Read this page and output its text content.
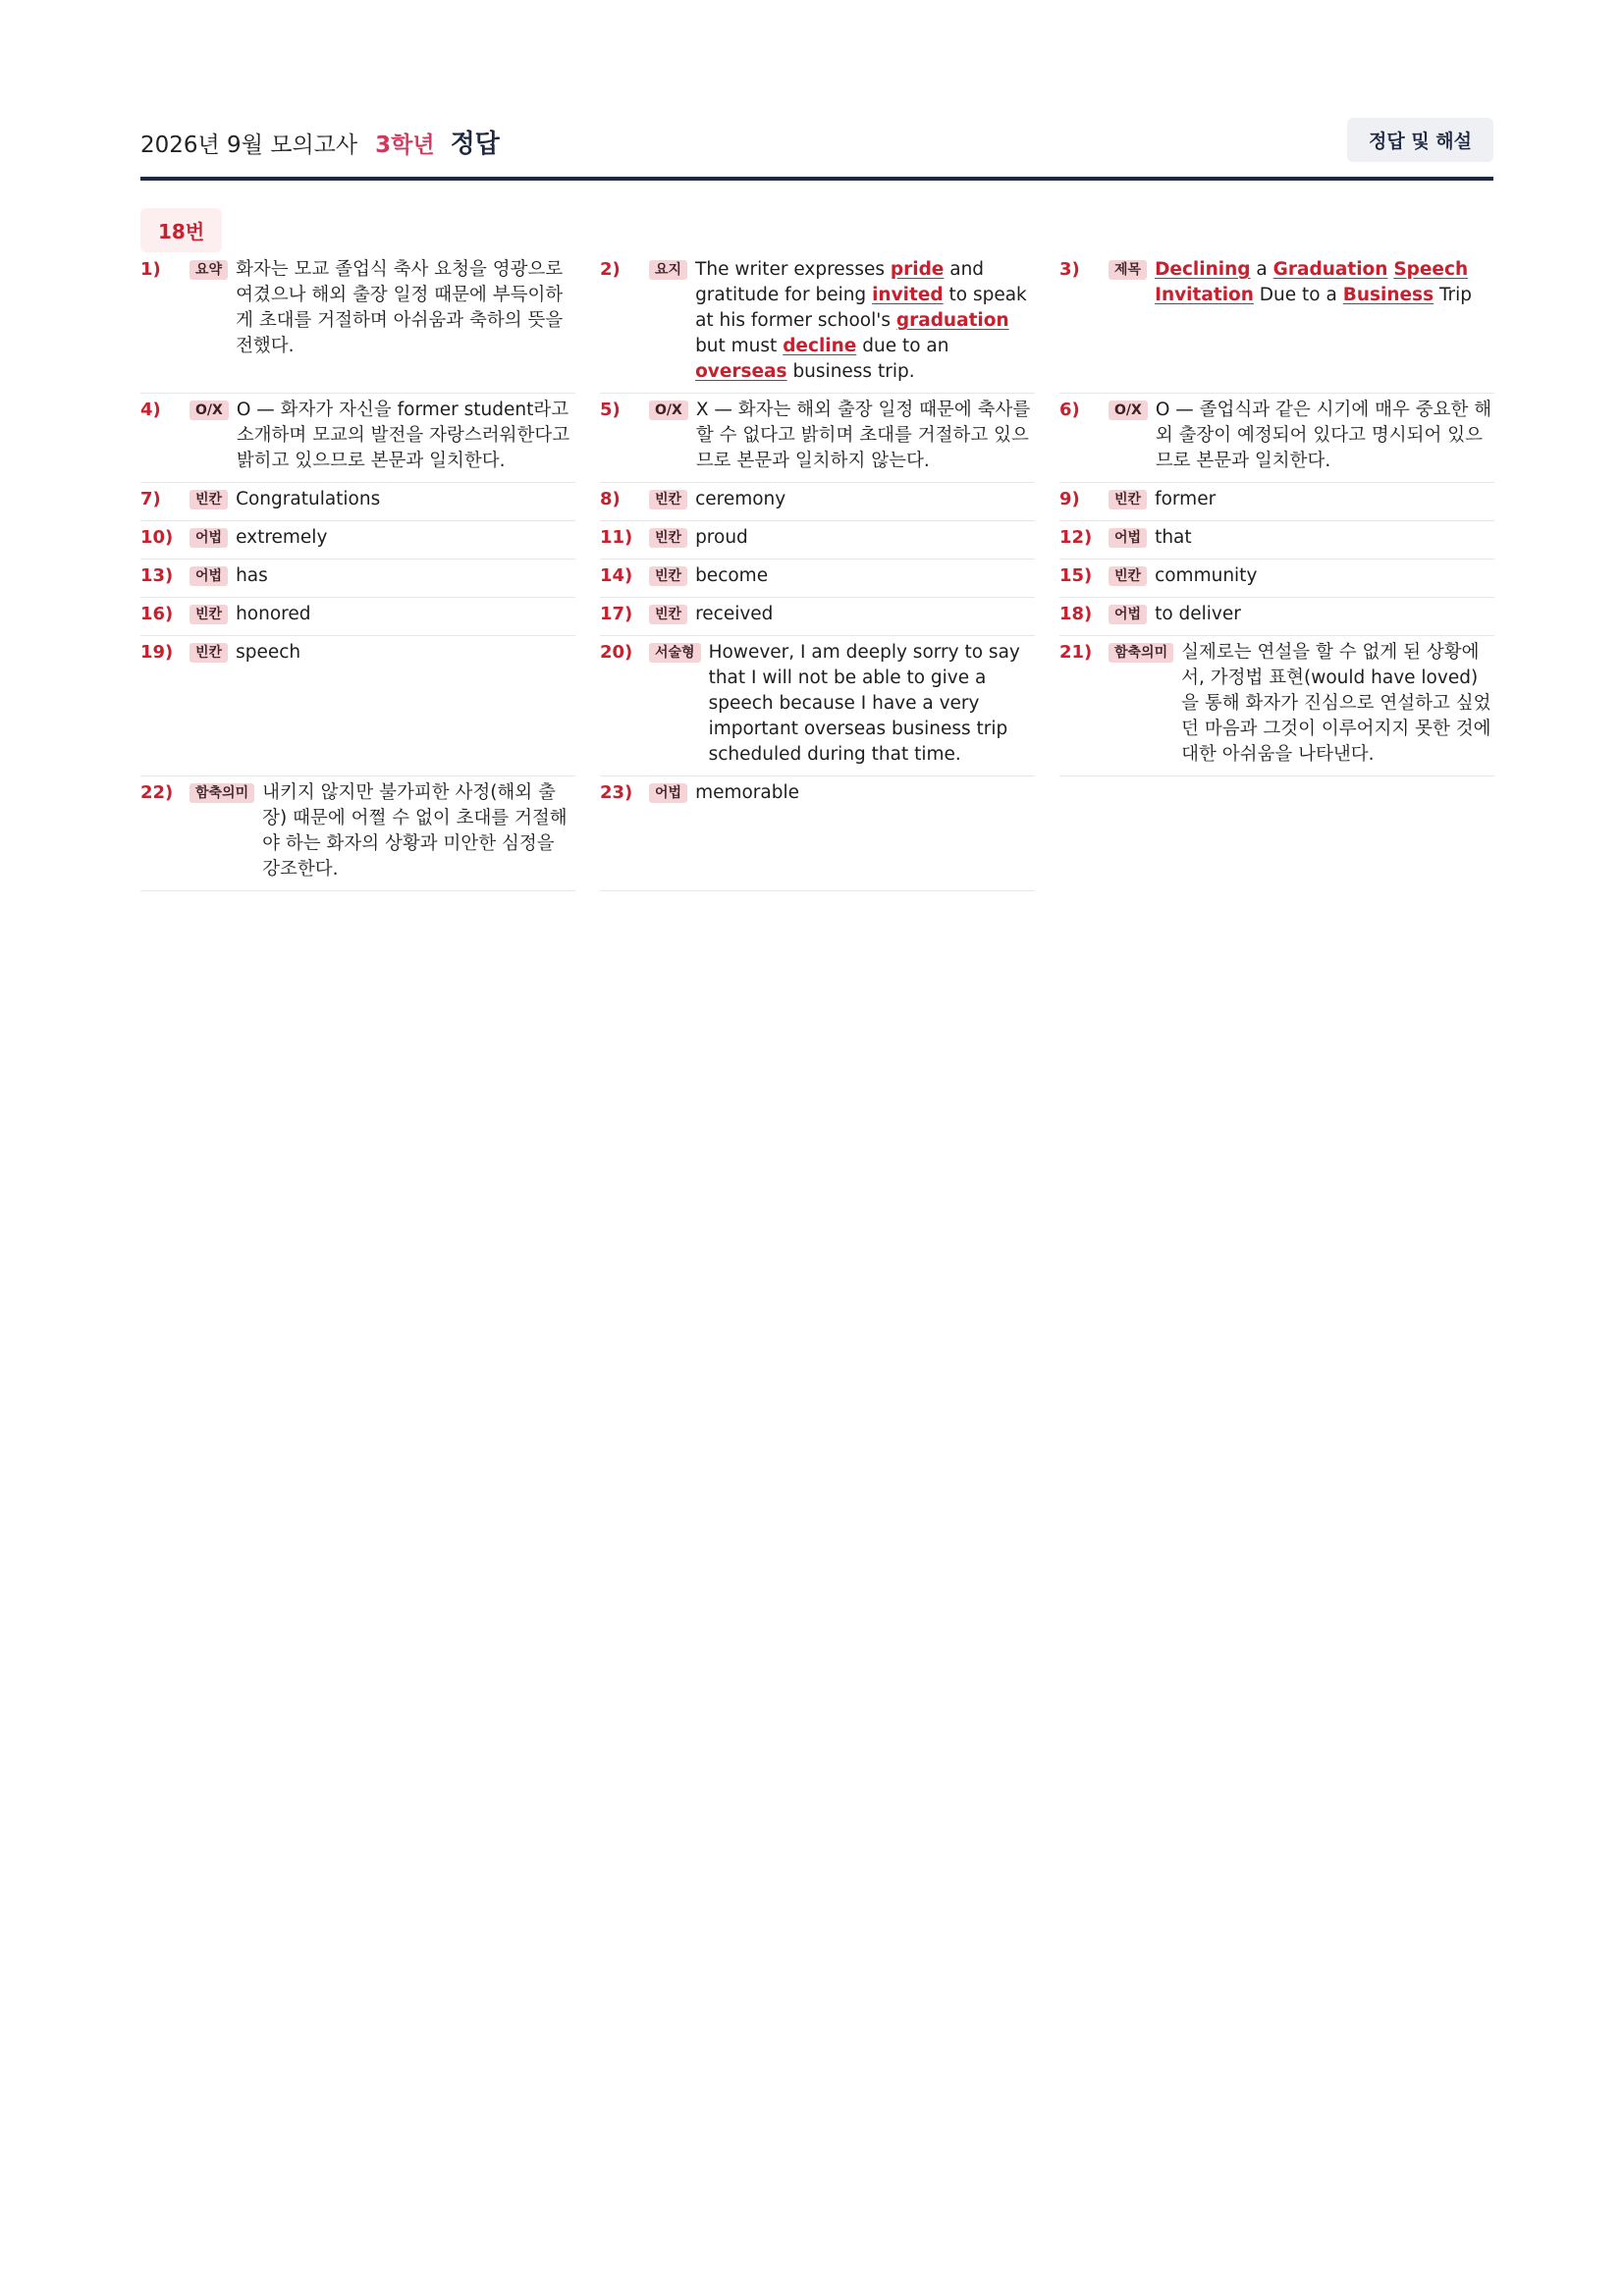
2026년 9월 모의고사 3학년 정답	정답 및 해설
18번
1)	요약 화자는 모교 졸업식 축사 요청을 영광으로 여겼으나 해외 출장 일정 때문에 부득이하게 초대를 거절하며 아쉬움과 축하의 뜻을 전했다.
2)	요지 The writer expresses pride and gratitude for being invited to speak at his former school's graduation but must decline due to an overseas business trip.
3)	제목 Declining a Graduation Speech Invitation Due to a Business Trip
4)	O/X O — 화자가 자신을 former student라고 소개하며 모교의 발전을 자랑스러워한다고 밝히고 있으므로 본문과 일치한다.
5)	O/X X — 화자는 해외 출장 일정 때문에 축사를 할 수 없다고 밝히며 초대를 거절하고 있으므로 본문과 일치하지 않는다.
6)	O/X O — 졸업식과 같은 시기에 매우 중요한 해외 출장이 예정되어 있다고 명시되어 있으므로 본문과 일치한다.
7)	빈칸 Congratulations	8)	빈칸 ceremony	9)	빈칸 former
10)	어법 extremely	11)	빈칸 proud	12)	어법 that
13)	어법 has	14)	빈칸 become	15)	빈칸 community
16)	빈칸 honored	17)	빈칸 received	18)	어법 to deliver
19)	빈칸 speech	20)	서술형 However, I am deeply sorry to say that I will not be able to give a speech because I have a very important overseas business trip scheduled during that time.
21)	함축의미 실제로는 연설을 할 수 없게 된 상황에서, 가정법 표현(would have loved)을 통해 화자가 진심으로 연설하고 싶었던 마음과 그것이 이루어지지 못한 것에 대한 아쉬움을 나타낸다.
22)	함축의미 내키지 않지만 불가피한 사정(해외 출장) 때문에 어쩔 수 없이 초대를 거절해야 하는 화자의 상황과 미안한 심정을 강조한다.
23)	어법 memorable
